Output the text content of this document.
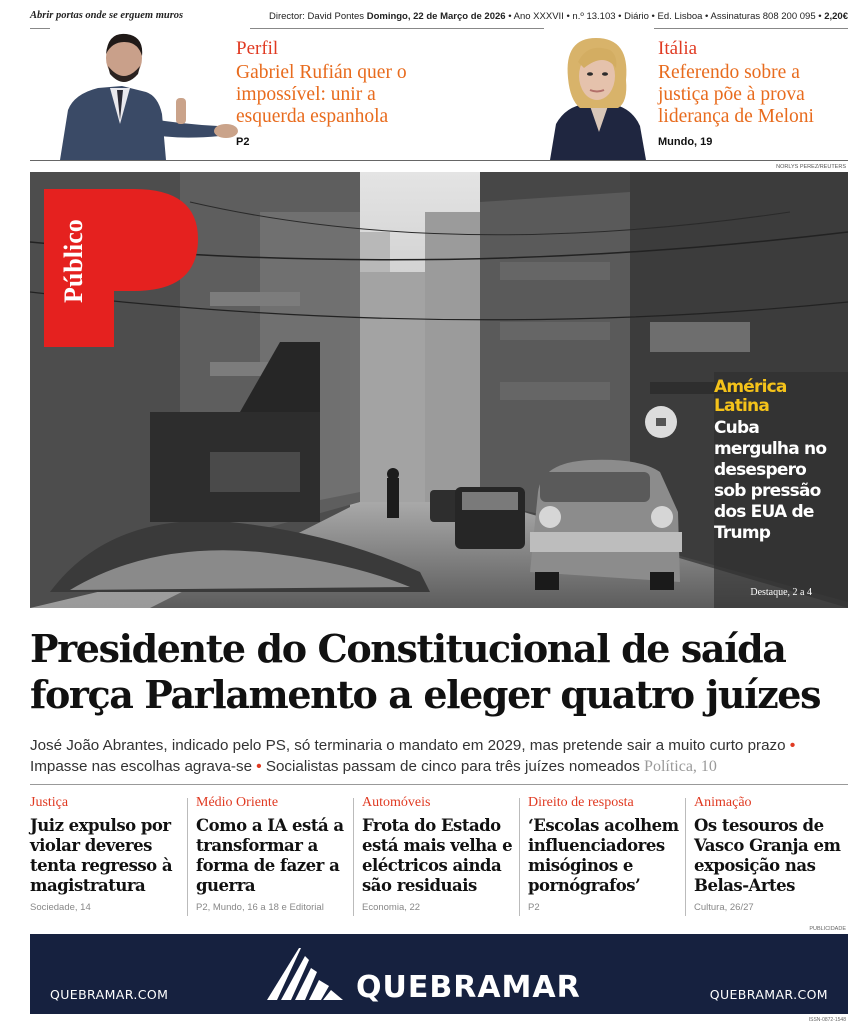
Abrir portas onde se erguem muros	Director: David Pontes Domingo, 22 de Março de 2026 • Ano XXXVII • n.º 13.103 • Diário • Ed. Lisboa • Assinaturas 808 200 095 • 2,20€
Perfil
Gabriel Rufián quer o impossível: unir a esquerda espanhola
P2
Itália
Referendo sobre a justiça põe à prova liderança de Meloni
Mundo, 19
NORLYS PEREZ/REUTERS
Público
América Latina
Cuba mergulha no desespero sob pressão dos EUA de Trump
Destaque, 2 a 4
Presidente do Constitucional de saída força Parlamento a eleger quatro juízes
José João Abrantes, indicado pelo PS, só terminaria o mandato em 2029, mas pretende sair a muito curto prazo • Impasse nas escolhas agrava-se • Socialistas passam de cinco para três juízes nomeados Política, 10
Justiça
Juiz expulso por violar deveres tenta regresso à magistratura
Sociedade, 14
Médio Oriente
Como a IA está a transformar a forma de fazer a guerra
P2, Mundo, 16 a 18 e Editorial
Automóveis
Frota do Estado está mais velha e eléctricos ainda são residuais
Economia, 22
Direito de resposta
‘Escolas acolhem influenciadores misóginos e pornógrafos’
P2
Animação
Os tesouros de Vasco Granja em exposição nas Belas-Artes
Cultura, 26/27
PUBLICIDADE
QUEBRAMAR.COM	QUEBRAMAR	QUEBRAMAR.COM
ISSN-0872-1548
